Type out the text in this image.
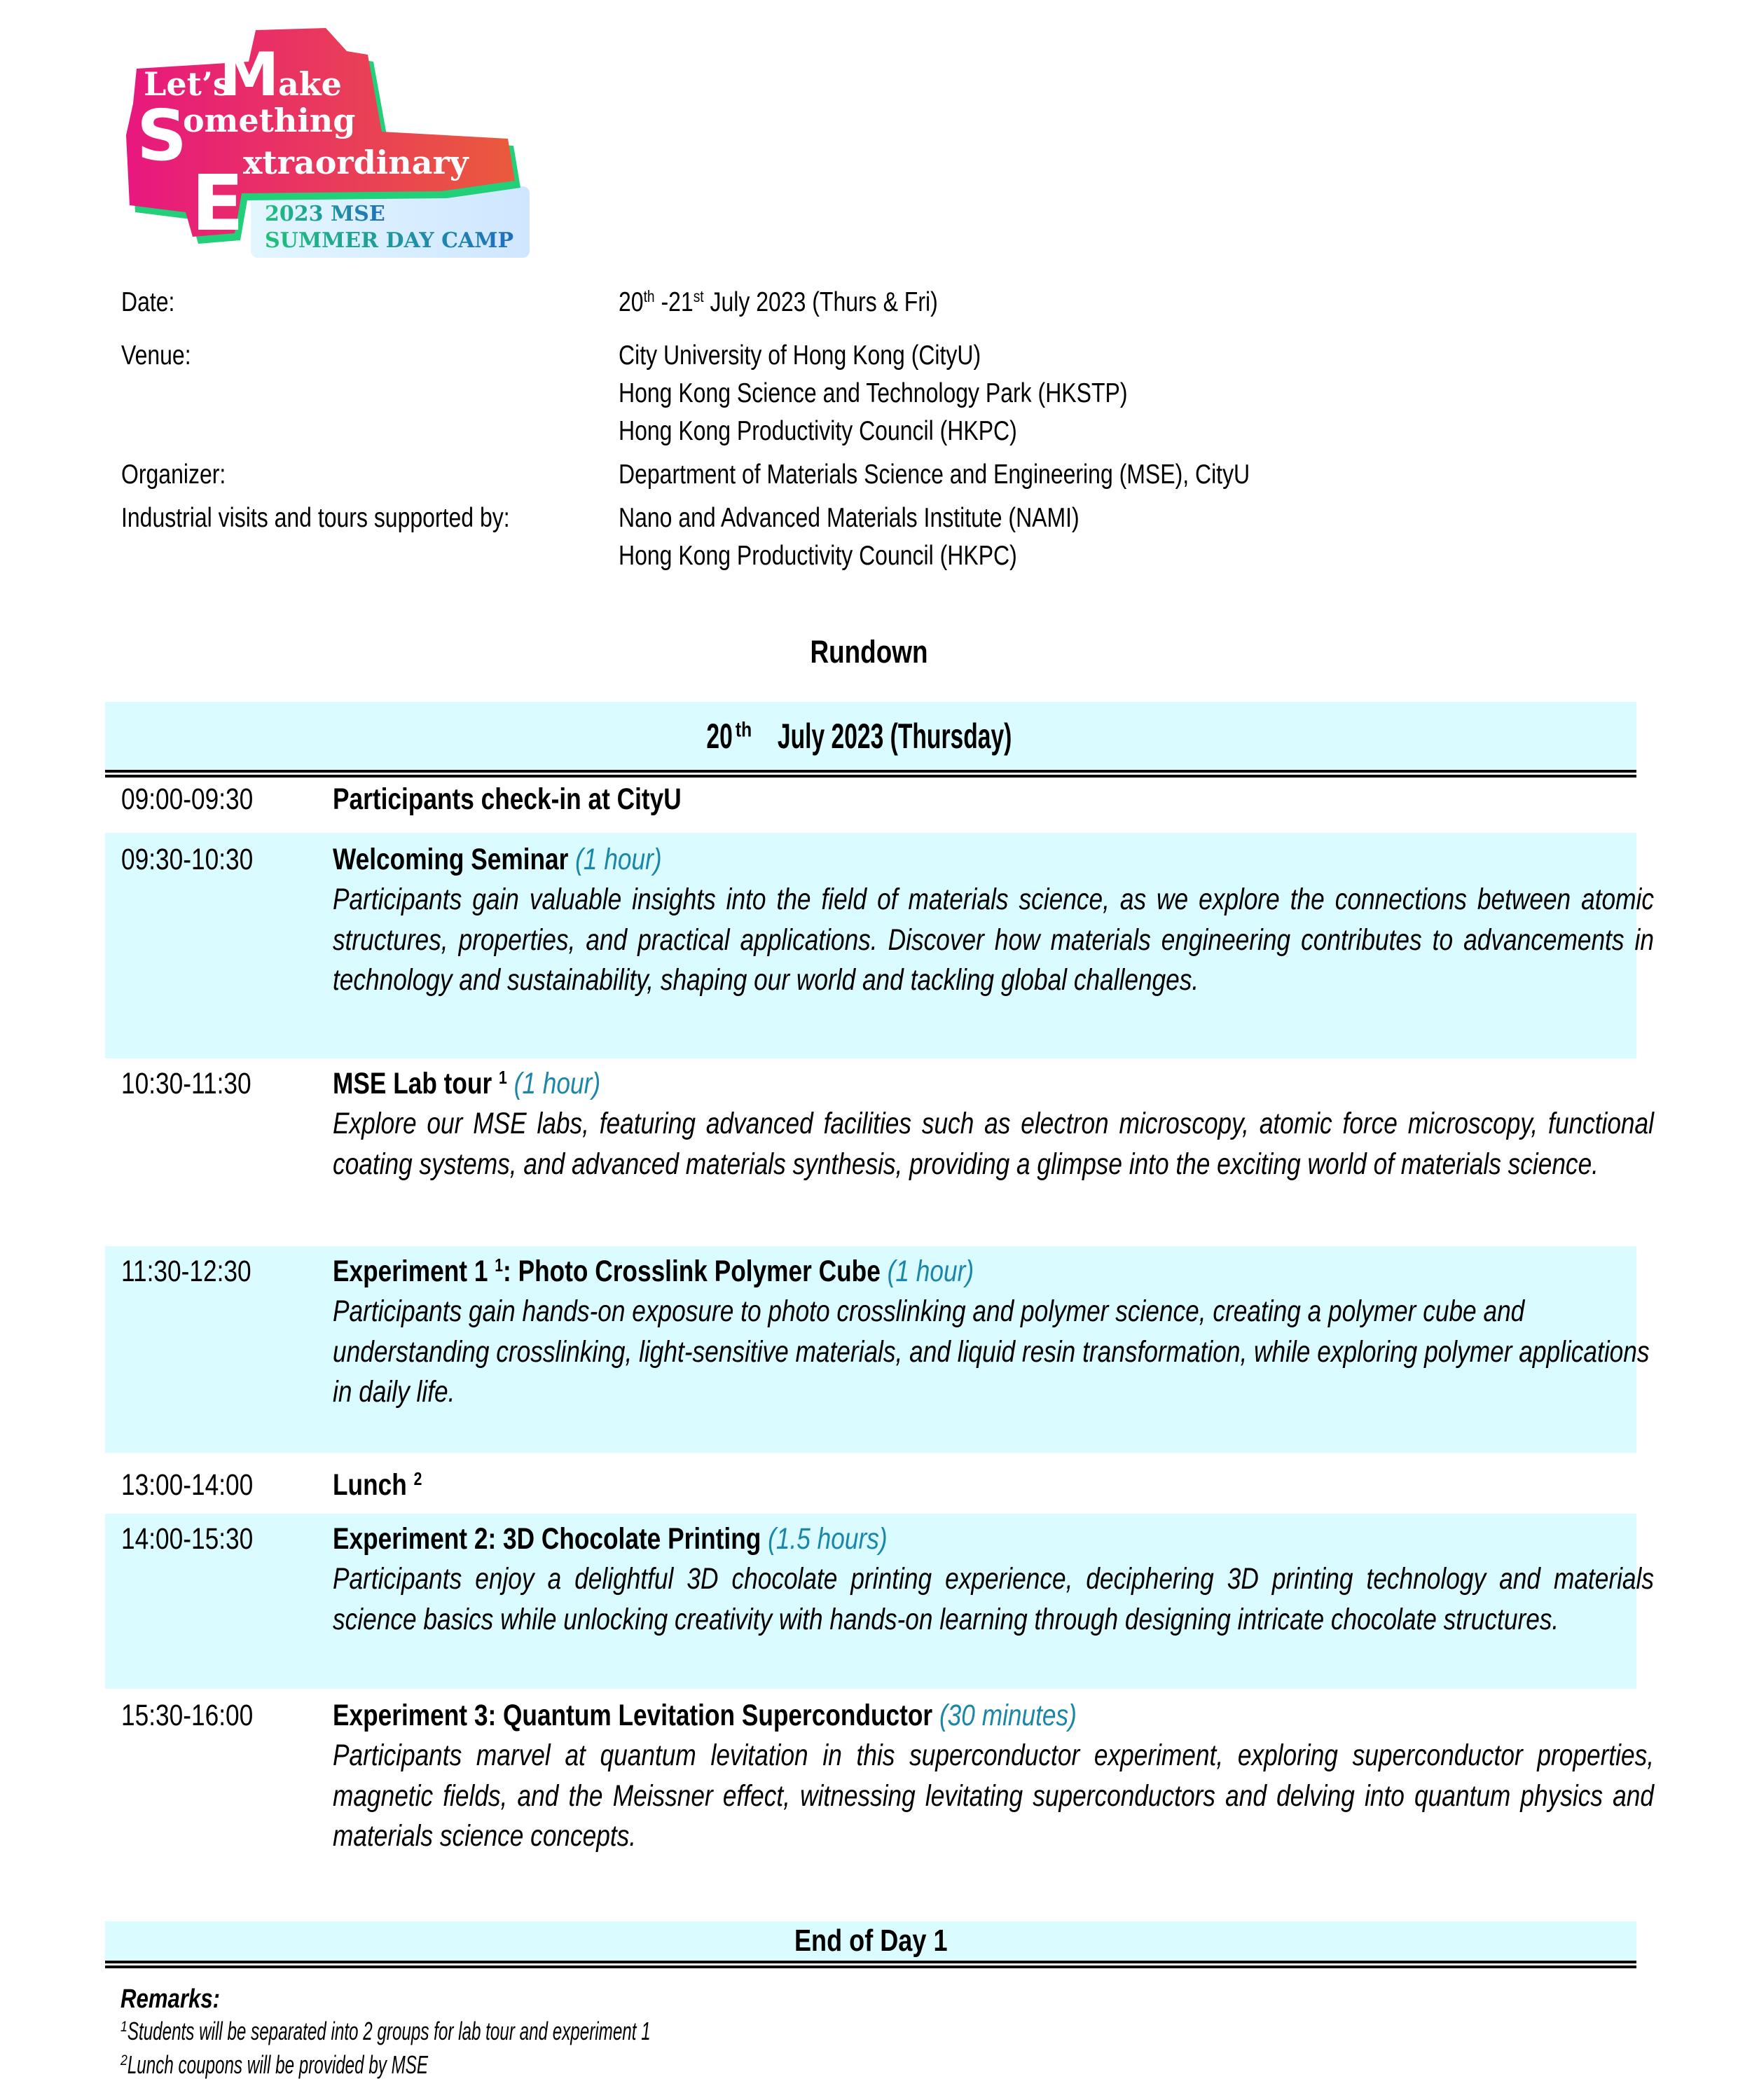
Let’s
M
ake
S
omething
E
xtraordinary
2023 MSE
SUMMER DAY CAMP
Date:	20th -21st July 2023 (Thurs & Fri)
Venue:	City University of Hong Kong (CityU)
Hong Kong Science and Technology Park (HKSTP)
Hong Kong Productivity Council (HKPC)
Organizer:	Department of Materials Science and Engineering (MSE), CityU
Industrial visits and tours supported by:	Nano and Advanced Materials Institute (NAMI)
Hong Kong Productivity Council (HKPC)
Rundown
20 $^{th}$July 2023 (Thursday)
09:00-09:30	Participants check-in at CityU
09:30-10:30	Welcoming Seminar (1 hour)
Participants gain valuable insights into the field of materials science, as we explore the connections between atomic structures, properties, and practical applications. Discover how materials engineering contributes to advancements in technology and sustainability, shaping our world and tackling global challenges.
10:30-11:30	MSE Lab tour $^1$ (1 hour)
Explore our MSE labs, featuring advanced facilities such as electron microscopy, atomic force microscopy, functional coating systems, and advanced materials synthesis, providing a glimpse into the exciting world of materials science.
11:30-12:30	Experiment 1 $^1$: Photo Crosslink Polymer Cube (1 hour)
Participants gain hands-on exposure to photo crosslinking and polymer science, creating a polymer cube and understanding crosslinking, light-sensitive materials, and liquid resin transformation, while exploring polymer applications in daily life.
13:00-14:00	Lunch $^2$
14:00-15:30	Experiment 2: 3D Chocolate Printing (1.5 hours)
Participants enjoy a delightful 3D chocolate printing experience, deciphering 3D printing technology and materials science basics while unlocking creativity with hands-on learning through designing intricate chocolate structures.
15:30-16:00	Experiment 3: Quantum Levitation Superconductor (30 minutes)
Participants marvel at quantum levitation in this superconductor experiment, exploring superconductor properties, magnetic fields, and the Meissner effect, witnessing levitating superconductors and delving into quantum physics and materials science concepts.
End of Day 1
Remarks:
$^1$Students will be separated into 2 groups for lab tour and experiment 1
$^2$Lunch coupons will be provided by MSE
